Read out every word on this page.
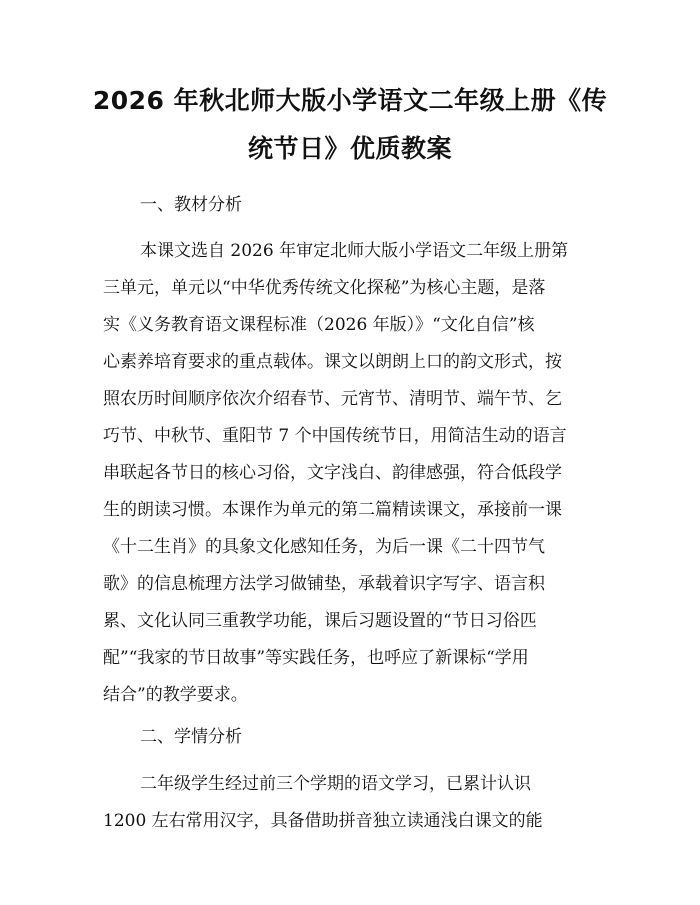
2026 年秋北师大版小学语文二年级上册《传
统节日》优质教案
一、教材分析
本课文选自 2026 年审定北师大版小学语文二年级上册第
三单元，单元以“中华优秀传统文化探秘”为核心主题，是落
实《义务教育语文课程标准（2026 年版）》“文化自信”核
心素养培育要求的重点载体。课文以朗朗上口的韵文形式，按
照农历时间顺序依次介绍春节、元宵节、清明节、端午节、乞
巧节、中秋节、重阳节 7 个中国传统节日，用简洁生动的语言
串联起各节日的核心习俗，文字浅白、韵律感强，符合低段学
生的朗读习惯。本课作为单元的第二篇精读课文，承接前一课
《十二生肖》的具象文化感知任务，为后一课《二十四节气
歌》的信息梳理方法学习做铺垫，承载着识字写字、语言积
累、文化认同三重教学功能，课后习题设置的“节日习俗匹
配”“我家的节日故事”等实践任务，也呼应了新课标“学用
结合”的教学要求。
二、学情分析
二年级学生经过前三个学期的语文学习，已累计认识
1200 左右常用汉字，具备借助拼音独立读通浅白课文的能
